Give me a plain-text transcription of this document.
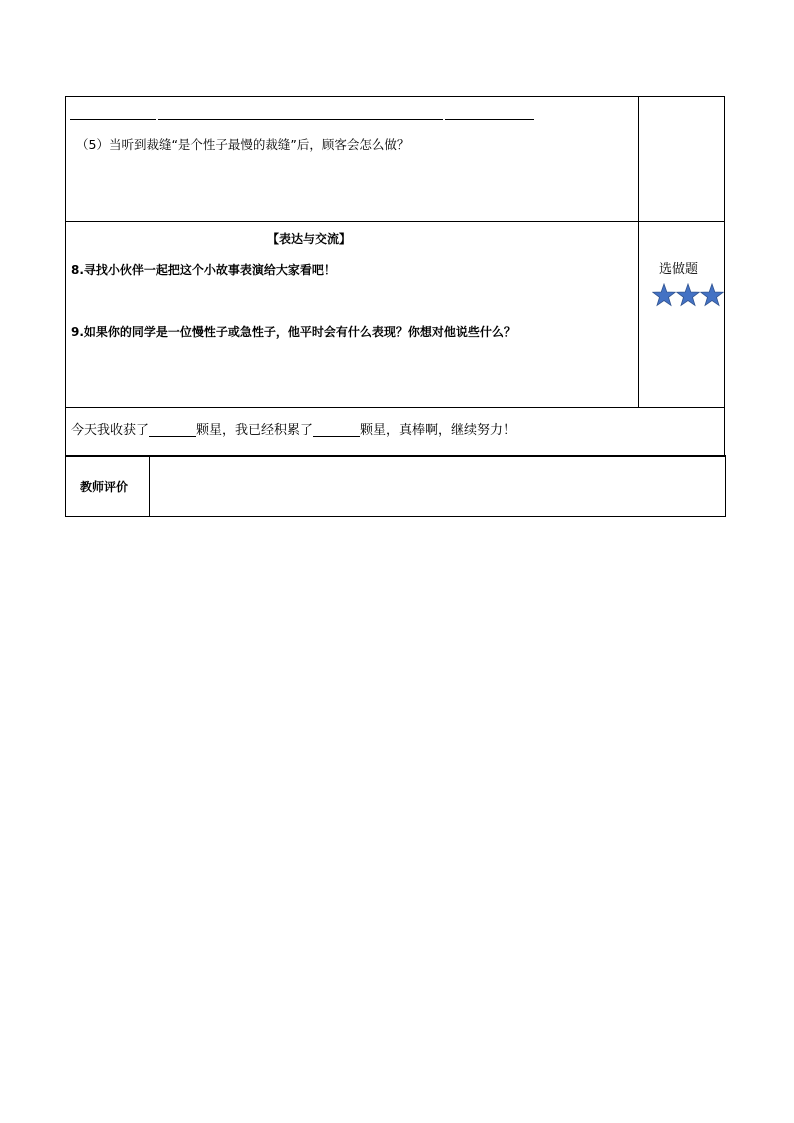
（5）当听到裁缝“是个性子最慢的裁缝”后，顾客会怎么做？
【表达与交流】
8.寻找小伙伴一起把这个小故事表演给大家看吧！
9.如果你的同学是一位慢性子或急性子，他平时会有什么表现？你想对他说些什么？
选做题
今天我收获了	颗星，我已经积累了	颗星，真棒啊，继续努力！
教师评价
